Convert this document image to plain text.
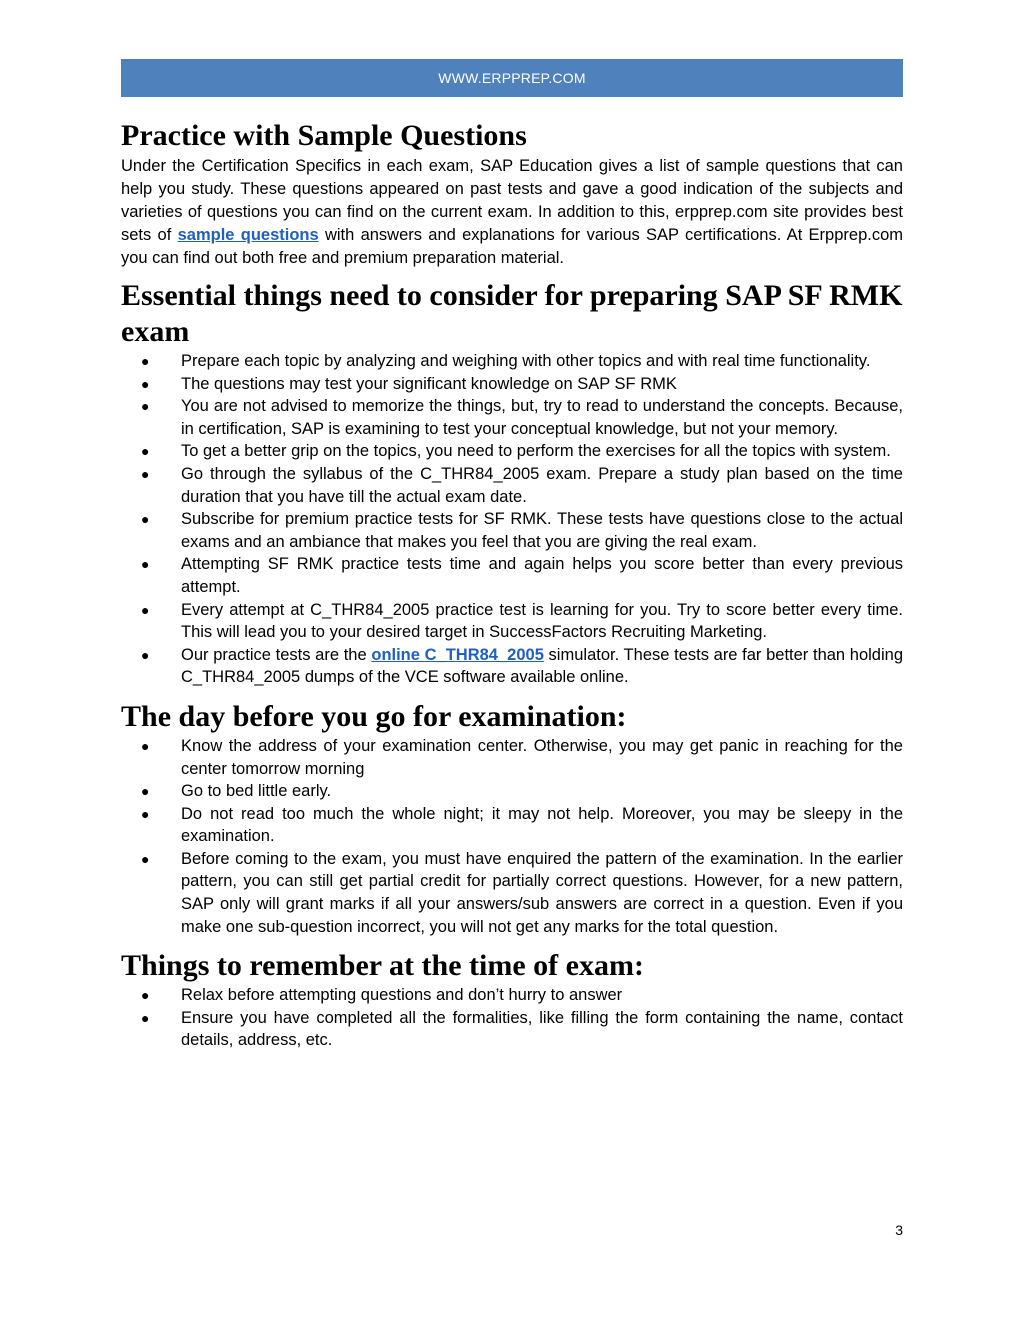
WWW.ERPPREP.COM
Practice with Sample Questions

Under the Certification Specifics in each exam, SAP Education gives a list of sample questions that can help you study. These questions appeared on past tests and gave a good indication of the subjects and varieties of questions you can find on the current exam. In addition to this, erpprep.com site provides best sets of sample questions with answers and explanations for various SAP certifications. At Erpprep.com you can find out both free and premium preparation material.

Essential things need to consider for preparing SAP SF RMK exam
● Prepare each topic by analyzing and weighing with other topics and with real time functionality.
● The questions may test your significant knowledge on SAP SF RMK
● You are not advised to memorize the things, but, try to read to understand the concepts. Because, in certification, SAP is examining to test your conceptual knowledge, but not your memory.
● To get a better grip on the topics, you need to perform the exercises for all the topics with system.
● Go through the syllabus of the C_THR84_2005 exam. Prepare a study plan based on the time duration that you have till the actual exam date.
● Subscribe for premium practice tests for SF RMK. These tests have questions close to the actual exams and an ambiance that makes you feel that you are giving the real exam.
● Attempting SF RMK practice tests time and again helps you score better than every previous attempt.
● Every attempt at C_THR84_2005 practice test is learning for you. Try to score better every time. This will lead you to your desired target in SuccessFactors Recruiting Marketing.
● Our practice tests are the online C_THR84_2005 simulator. These tests are far better than holding C_THR84_2005 dumps of the VCE software available online.
The day before you go for examination:
● Know the address of your examination center. Otherwise, you may get panic in reaching for the center tomorrow morning
● Go to bed little early.
● Do not read too much the whole night; it may not help. Moreover, you may be sleepy in the examination.
● Before coming to the exam, you must have enquired the pattern of the examination. In the earlier pattern, you can still get partial credit for partially correct questions. However, for a new pattern, SAP only will grant marks if all your answers/sub answers are correct in a question. Even if you make one sub-question incorrect, you will not get any marks for the total question.
Things to remember at the time of exam:
● Relax before attempting questions and don’t hurry to answer
● Ensure you have completed all the formalities, like filling the form containing the name, contact details, address, etc.
3
